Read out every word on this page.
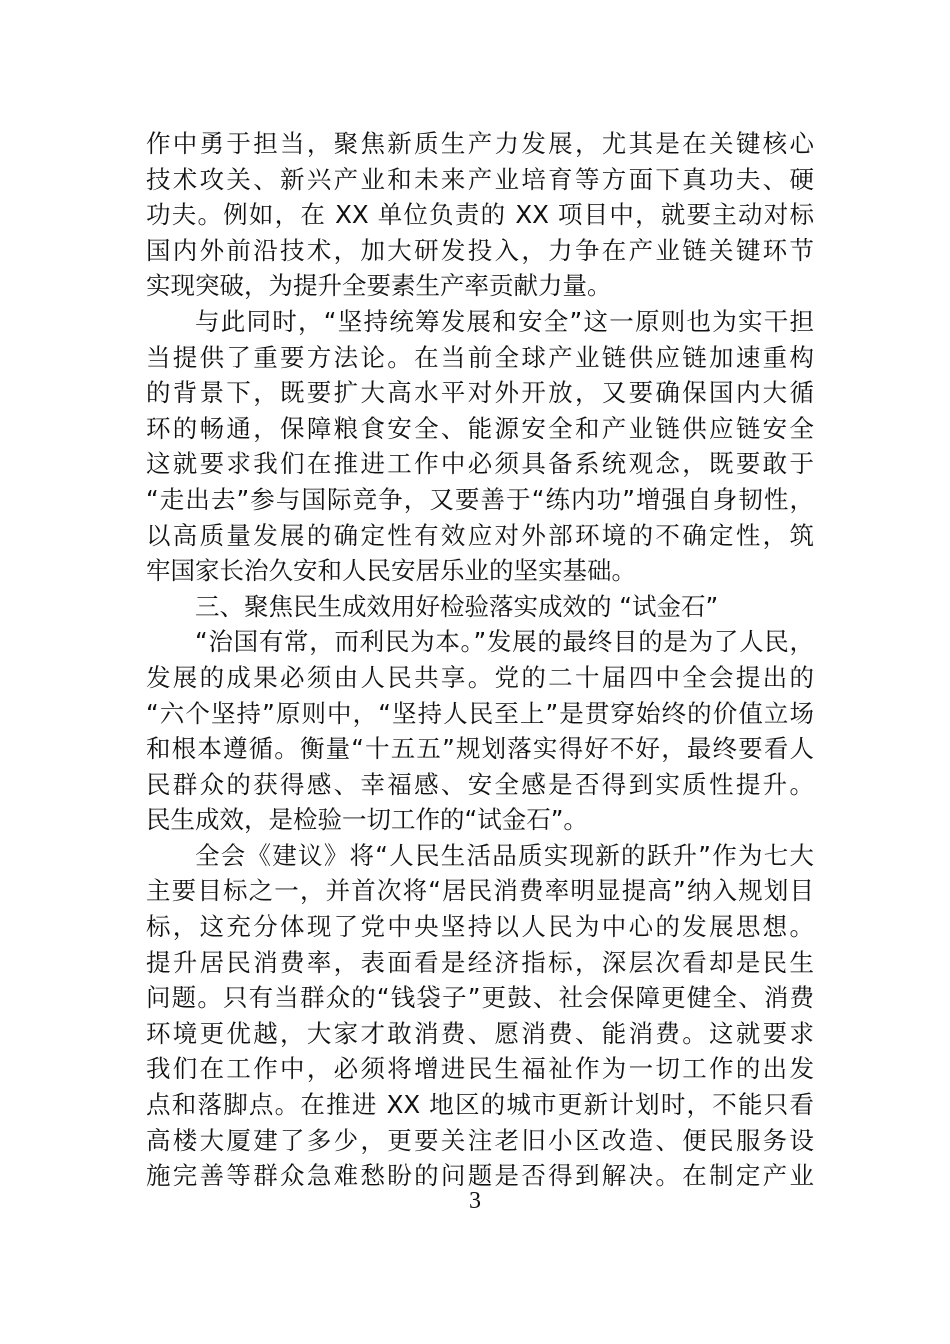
作中勇于担当，聚焦新质生产力发展，尤其是在关键核心
技术攻关、新兴产业和未来产业培育等方面下真功夫、硬
功夫。例如，在 XX 单位负责的 XX 项目中，就要主动对标
国内外前沿技术，加大研发投入，力争在产业链关键环节
实现突破，为提升全要素生产率贡献力量。
与此同时，“坚持统筹发展和安全”这一原则也为实干担
当提供了重要方法论。在当前全球产业链供应链加速重构
的背景下，既要扩大高水平对外开放，又要确保国内大循
环的畅通，保障粮食安全、能源安全和产业链供应链安全
这就要求我们在推进工作中必须具备系统观念，既要敢于
“走出去”参与国际竞争，又要善于“练内功”增强自身韧性，
以高质量发展的确定性有效应对外部环境的不确定性，筑
牢国家长治久安和人民安居乐业的坚实基础。
三、聚焦民生成效用好检验落实成效的 “试金石”
“治国有常，而利民为本。”发展的最终目的是为了人民，
发展的成果必须由人民共享。党的二十届四中全会提出的
“六个坚持”原则中，“坚持人民至上”是贯穿始终的价值立场
和根本遵循。衡量“十五五”规划落实得好不好，最终要看人
民群众的获得感、幸福感、安全感是否得到实质性提升。
民生成效，是检验一切工作的“试金石”。
全会《建议》将“人民生活品质实现新的跃升”作为七大
主要目标之一，并首次将“居民消费率明显提高”纳入规划目
标，这充分体现了党中央坚持以人民为中心的发展思想。
提升居民消费率，表面看是经济指标，深层次看却是民生
问题。只有当群众的“钱袋子”更鼓、社会保障更健全、消费
环境更优越，大家才敢消费、愿消费、能消费。这就要求
我们在工作中，必须将增进民生福祉作为一切工作的出发
点和落脚点。在推进 XX 地区的城市更新计划时，不能只看
高楼大厦建了多少，更要关注老旧小区改造、便民服务设
施完善等群众急难愁盼的问题是否得到解决。在制定产业
3
